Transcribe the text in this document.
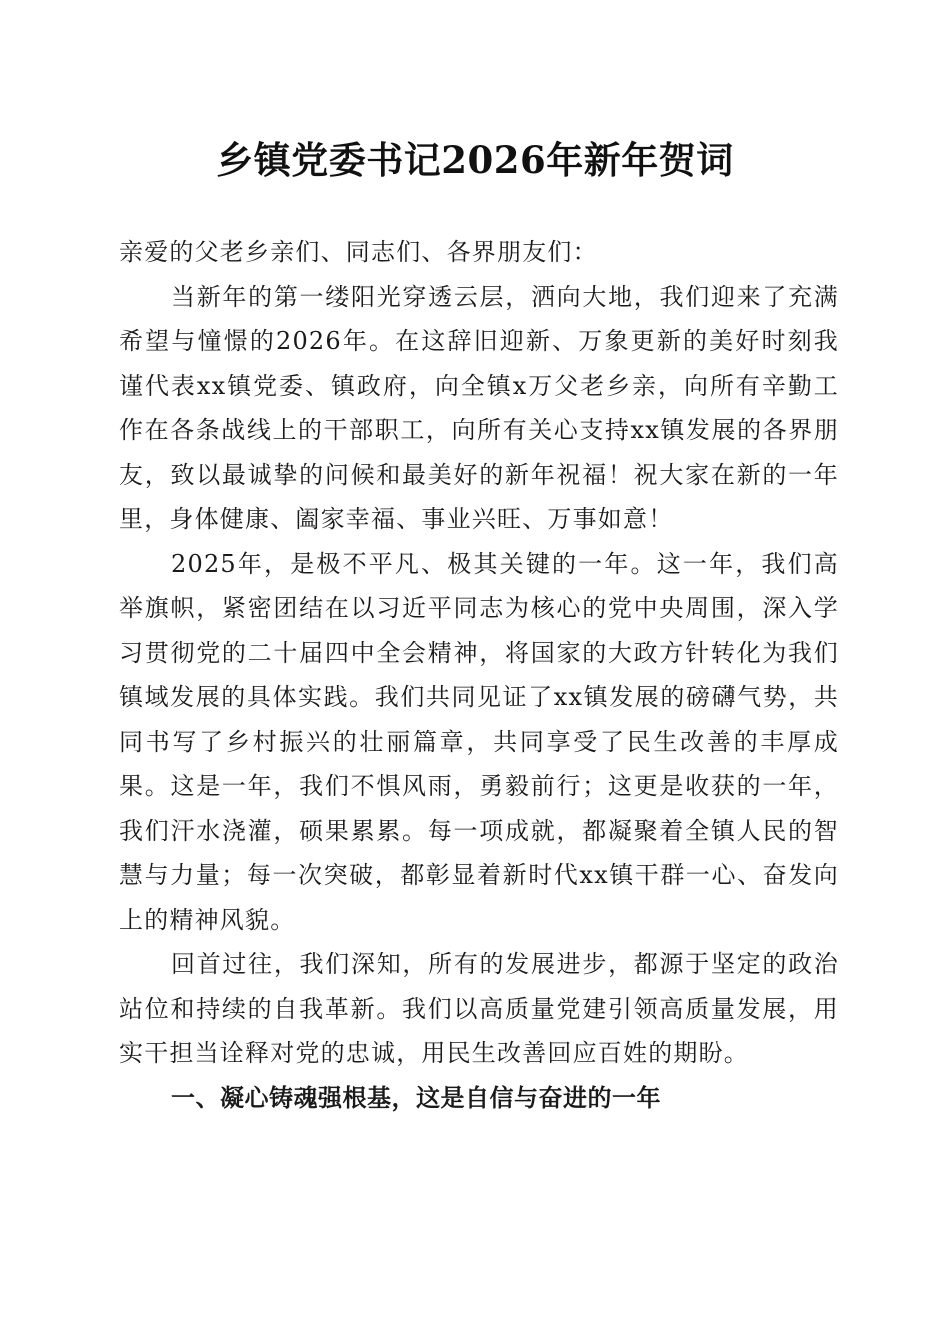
乡镇党委书记2026年新年贺词

亲爱的父老乡亲们、同志们、各界朋友们：

当新年的第一缕阳光穿透云层，洒向大地，我们迎来了充满希望与憧憬的2026年。在这辞旧迎新、万象更新的美好时刻我谨代表xx镇党委、镇政府，向全镇x万父老乡亲，向所有辛勤工作在各条战线上的干部职工，向所有关心支持xx镇发展的各界朋友，致以最诚挚的问候和最美好的新年祝福！祝大家在新的一年里，身体健康、阖家幸福、事业兴旺、万事如意！

2025年，是极不平凡、极其关键的一年。这一年，我们高举旗帜，紧密团结在以习近平同志为核心的党中央周围，深入学习贯彻党的二十届四中全会精神，将国家的大政方针转化为我们镇域发展的具体实践。我们共同见证了xx镇发展的磅礴气势，共同书写了乡村振兴的壮丽篇章，共同享受了民生改善的丰厚成果。这是一年，我们不惧风雨，勇毅前行；这更是收获的一年，我们汗水浇灌，硕果累累。每一项成就，都凝聚着全镇人民的智慧与力量；每一次突破，都彰显着新时代xx镇干群一心、奋发向上的精神风貌。

回首过往，我们深知，所有的发展进步，都源于坚定的政治站位和持续的自我革新。我们以高质量党建引领高质量发展，用实干担当诠释对党的忠诚，用民生改善回应百姓的期盼。

一、凝心铸魂强根基，这是自信与奋进的一年
